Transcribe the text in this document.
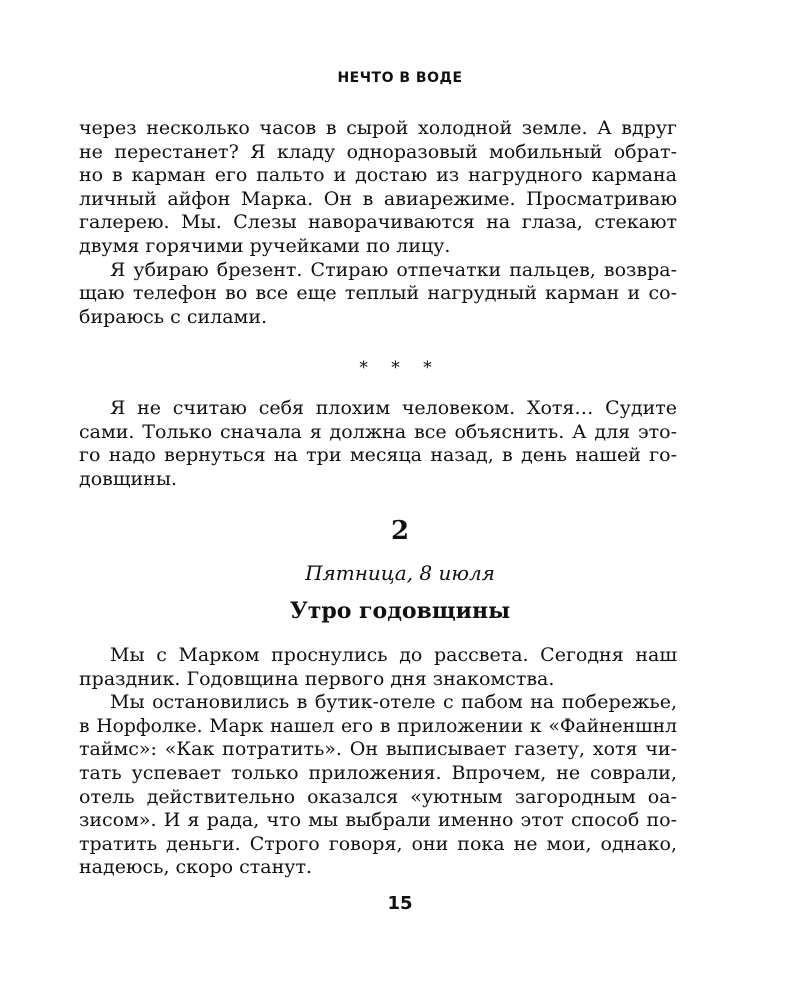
НЕЧТО В ВОДЕ
через несколько часов в сырой холодной земле. А вдруг
не перестанет? Я кладу одноразовый мобильный обрат-
но в карман его пальто и достаю из нагрудного кармана
личный айфон Марка. Он в авиарежиме. Просматриваю
галерею. Мы. Слезы наворачиваются на глаза, стекают
двумя горячими ручейками по лицу.
Я убираю брезент. Стираю отпечатки пальцев, возвра-
щаю телефон во все еще теплый нагрудный карман и со-
бираюсь с силами.
* * *
Я не считаю себя плохим человеком. Хотя… Судите
сами. Только сначала я должна все объяснить. А для это-
го надо вернуться на три месяца назад, в день нашей го-
довщины.
2
Пятница, 8 июля
Утро годовщины
Мы с Марком проснулись до рассвета. Сегодня наш
праздник. Годовщина первого дня знакомства.
Мы остановились в бутик-отеле с пабом на побережье,
в Норфолке. Марк нашел его в приложении к «Файненшнл
таймс»: «Как потратить». Он выписывает газету, хотя чи-
тать успевает только приложения. Впрочем, не соврали,
отель действительно оказался «уютным загородным оа-
зисом». И я рада, что мы выбрали именно этот способ по-
тратить деньги. Строго говоря, они пока не мои, однако,
надеюсь, скоро станут.
15
